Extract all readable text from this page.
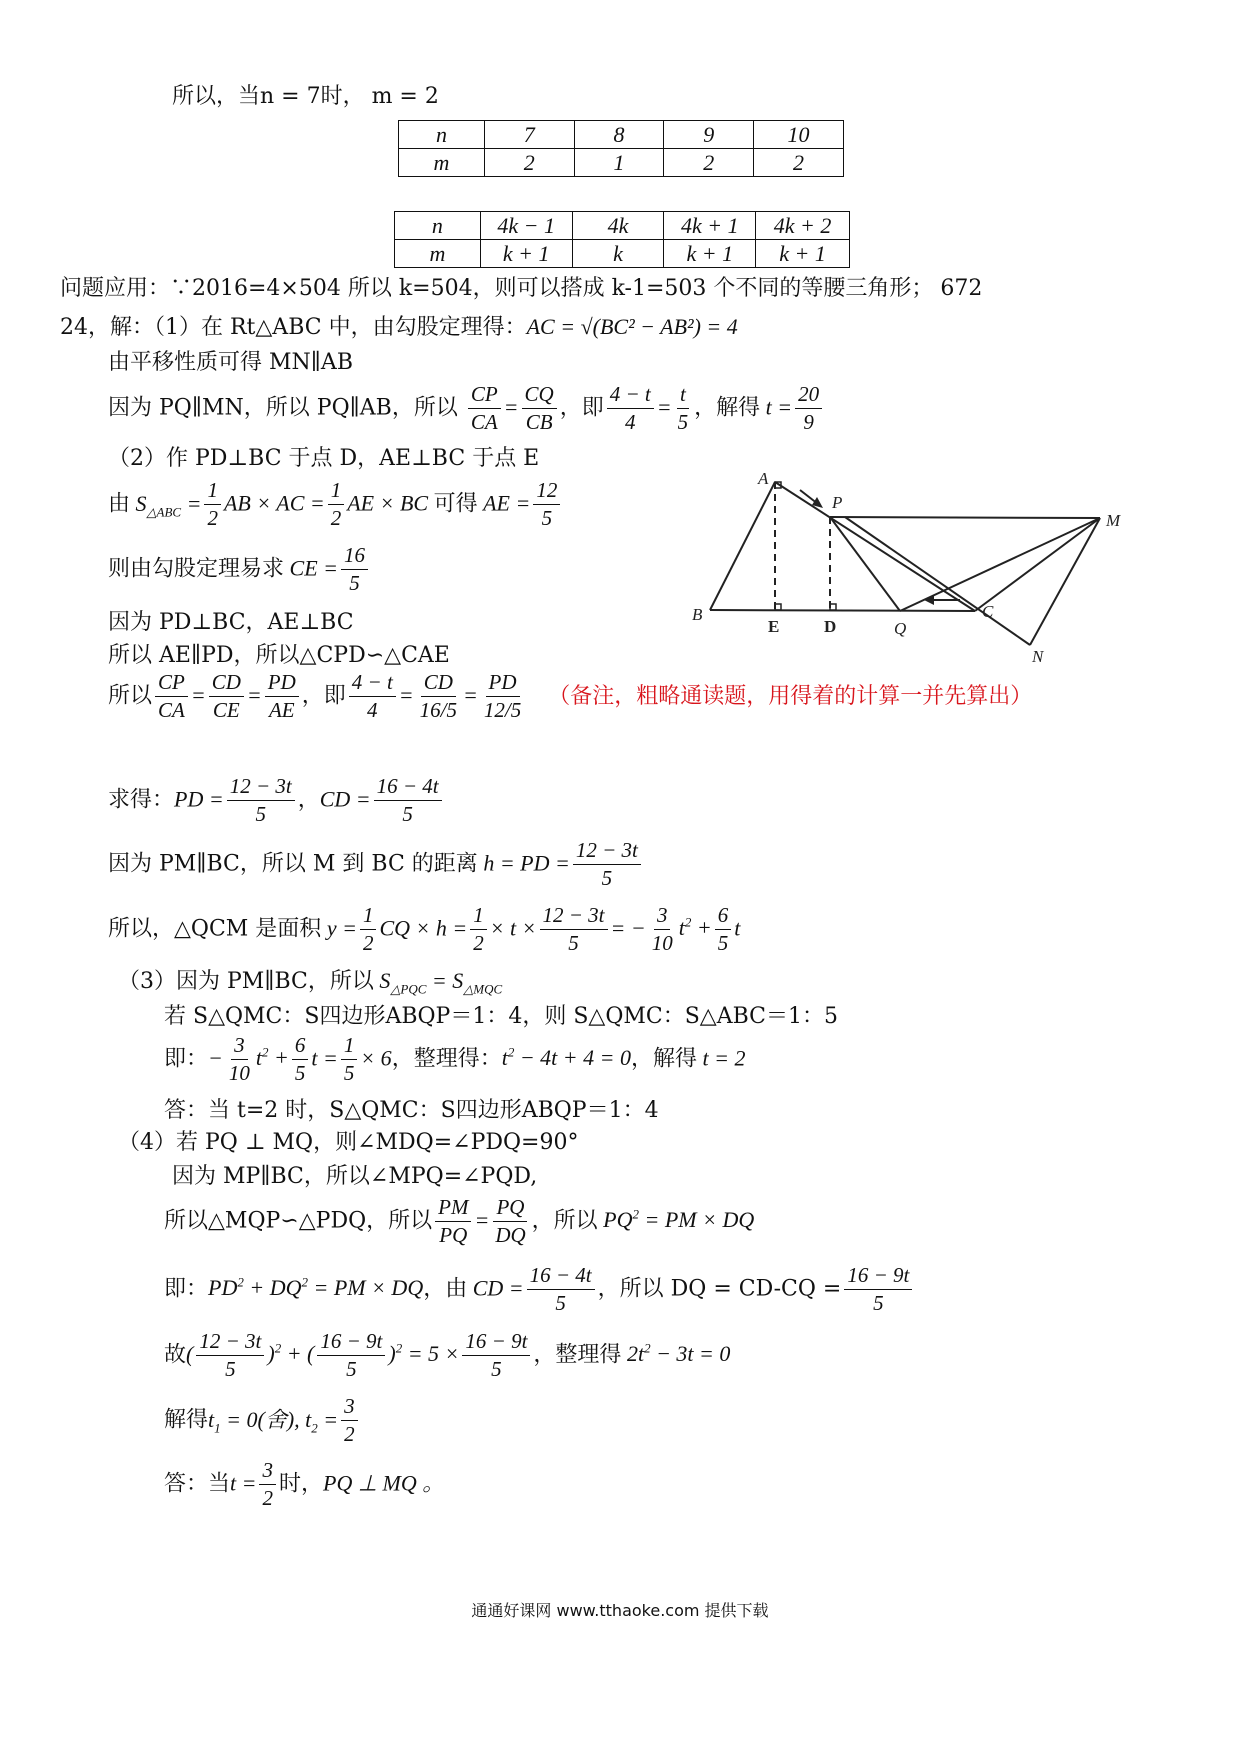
所以，当n = 7时， m = 2
n	7	8	9	10
m	2	1	2	2
n	4k − 1	4k	4k + 1	4k + 2
m	k + 1	k	k + 1	k + 1
问题应用：∵2016=4×504 所以 k=504，则可以搭成 k-1=503 个不同的等腰三角形； 672
24，解：（1）在 Rt△ABC 中，由勾股定理得：AC = √(BC² − AB²) = 4
由平移性质可得 MN∥AB
因为 PQ∥MN，所以 PQ∥AB，所以 $\frac{CP}{CA} = \frac{CQ}{CB}$ ，即 $\frac{4 - t}{4} = \frac{t}{5}$ ，解得 $t = \frac{20}{9}$
（2）作 PD⊥BC 于点 D，AE⊥BC 于点 E
由 $S_{\triangle ABC} = \frac{1}{2}$ AB × AC = $\frac{1}{2}$ AE × BC 可得 AE = $\frac{12}{5}$
则由勾股定理易求 CE = $\frac{16}{5}$
因为 PD⊥BC，AE⊥BC
所以 AE∥PD，所以△CPD∽△CAE
所以 $\frac{CP}{CA} = \frac{CD}{CE} = \frac{PD}{AE}$ ，即 $\frac{4 - t}{4} = \frac{CD}{16/5} = \frac{PD}{12/5}$ （备注，粗略通读题，用得着的计算一并先算出）
求得：PD = $\frac{12 - 3t}{5}$ ，CD = $\frac{16 - 4t}{5}$
因为 PM∥BC，所以 M 到 BC 的距离 h = PD = $\frac{12 - 3t}{5}$
所以，△QCM 是面积 $y = \frac{1}{2}$ CQ × $h = \frac{1}{2} \times t \times \frac{12 - 3t}{5}$ = − $\frac{3}{10} t^2 + \frac{6}{5}$ t
（3）因为 PM∥BC，所以 $S_{\triangle PQC} = S_{\triangle MQC}$
若 S△QMC：S四边形ABQP＝1：4，则 S△QMC：S△ABC＝1：5
即：− $\frac{3}{10} t^2 + \frac{6}{5}$ $t = \frac{1}{5} \times 6$，整理得：$t^2 - 4t + 4 = 0$，解得 t = 2
答：当 t=2 时，S△QMC：S四边形ABQP＝1：4
（4）若 PQ ⊥ MQ，则∠MDQ=∠PDQ=90°
因为 MP∥BC，所以∠MPQ=∠PQD,
所以△MQP∽△PDQ，所以 $\frac{PM}{PQ} = \frac{PQ}{DQ}$ ，所以 $PQ^2$ = PM × DQ
即：$PD^2 + DQ^2$ = PM × DQ，由 CD = $\frac{16 - 4t}{5}$ ，所以 DQ = $CD-CQ = \frac{16 - 9t}{5}$
故( $\frac{12 - 3t}{5} )^2$ + ( $\frac{16 - 9t}{5} )^2 = 5 \times \frac{16 - 9t}{5}$ ，整理得 $2t^2 - 3t = 0$
解得$t_1 = 0$(舍), $t_2 = \frac{3}{2}$
答：当$t = \frac{3}{2}$ 时，PQ ⊥ MQ 。
A
P
M
B	C
Q
N
E	D
通通好课网 www.tthaoke.com 提供下载
